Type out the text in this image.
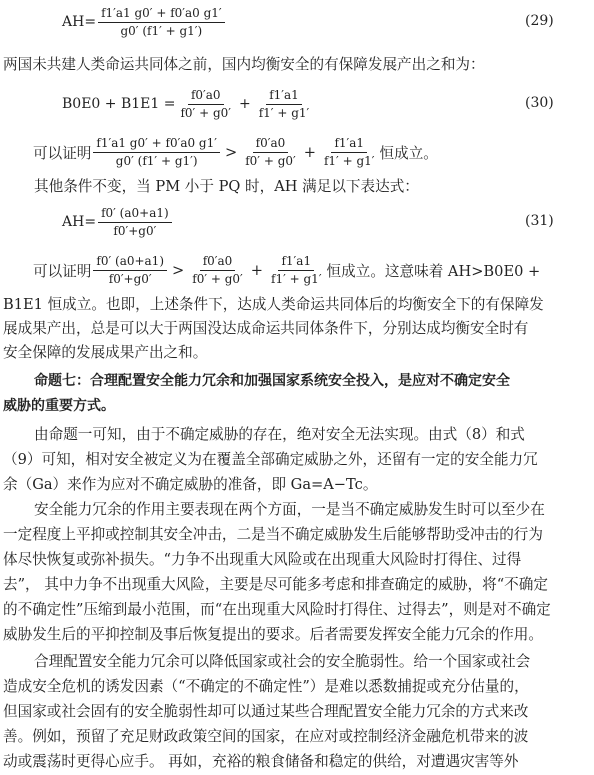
$AH= \frac{f1'a1 g0' + f0'a0 g1'}{g0' (f1' + g1')}$	(29)
两国未共建人类命运共同体之前，国内均衡安全的有保障发展产出之和为：
$B0E0 + B1E1 = \frac{f0'a0}{f0' + g0'} + \frac{f1'a1}{f1' + g1'}$	(30)
可以证明 $\frac{f1'a1 g0' + f0'a0 g1'}{g0' (f1' + g1')} > \frac{f0'a0}{f0' + g0'} + \frac{f1'a1}{f1' + g1'}$ 恒成立。
其他条件不变，当 PM 小于 PQ 时，AH 满足以下表达式：
$AH= \frac{f0' (a0+a1)}{f0'+g0'}$	(31)
可以证明 $\frac{f0' (a0+a1)}{f0'+g0'} > \frac{f0'a0}{f0' + g0'} + \frac{f1'a1}{f1' + g1'}$ 恒成立。这意味着 AH>B0E0 +
B1E1 恒成立。也即，上述条件下，达成人类命运共同体后的均衡安全下的有保障发
展成果产出，总是可以大于两国没达成命运共同体条件下，分别达成均衡安全时有
安全保障的发展成果产出之和。
命题七：合理配置安全能力冗余和加强国家系统安全投入，是应对不确定安全
威胁的重要方式。
由命题一可知，由于不确定威胁的存在，绝对安全无法实现。由式（8）和式
（9）可知，相对安全被定义为在覆盖全部确定威胁之外，还留有一定的安全能力冗
余（Ga）来作为应对不确定威胁的准备，即 Ga=A−Tc。
安全能力冗余的作用主要表现在两个方面，一是当不确定威胁发生时可以至少在
一定程度上平抑或控制其安全冲击，二是当不确定威胁发生后能够帮助受冲击的行为
体尽快恢复或弥补损失。“力争不出现重大风险或在出现重大风险时打得住、过得
去”， 其中力争不出现重大风险，主要是尽可能多考虑和排查确定的威胁，将“不确定
的不确定性”压缩到最小范围，而“在出现重大风险时打得住、过得去”，则是对不确定
威胁发生后的平抑控制及事后恢复提出的要求。后者需要发挥安全能力冗余的作用。
合理配置安全能力冗余可以降低国家或社会的安全脆弱性。给一个国家或社会
造成安全危机的诱发因素（“不确定的不确定性”）是难以悉数捕捉或充分估量的，
但国家或社会固有的安全脆弱性却可以通过某些合理配置安全能力冗余的方式来改
善。例如，预留了充足财政政策空间的国家，在应对或控制经济金融危机带来的波
动或震荡时更得心应手。 再如，充裕的粮食储备和稳定的供给，对遭遇灾害等外
